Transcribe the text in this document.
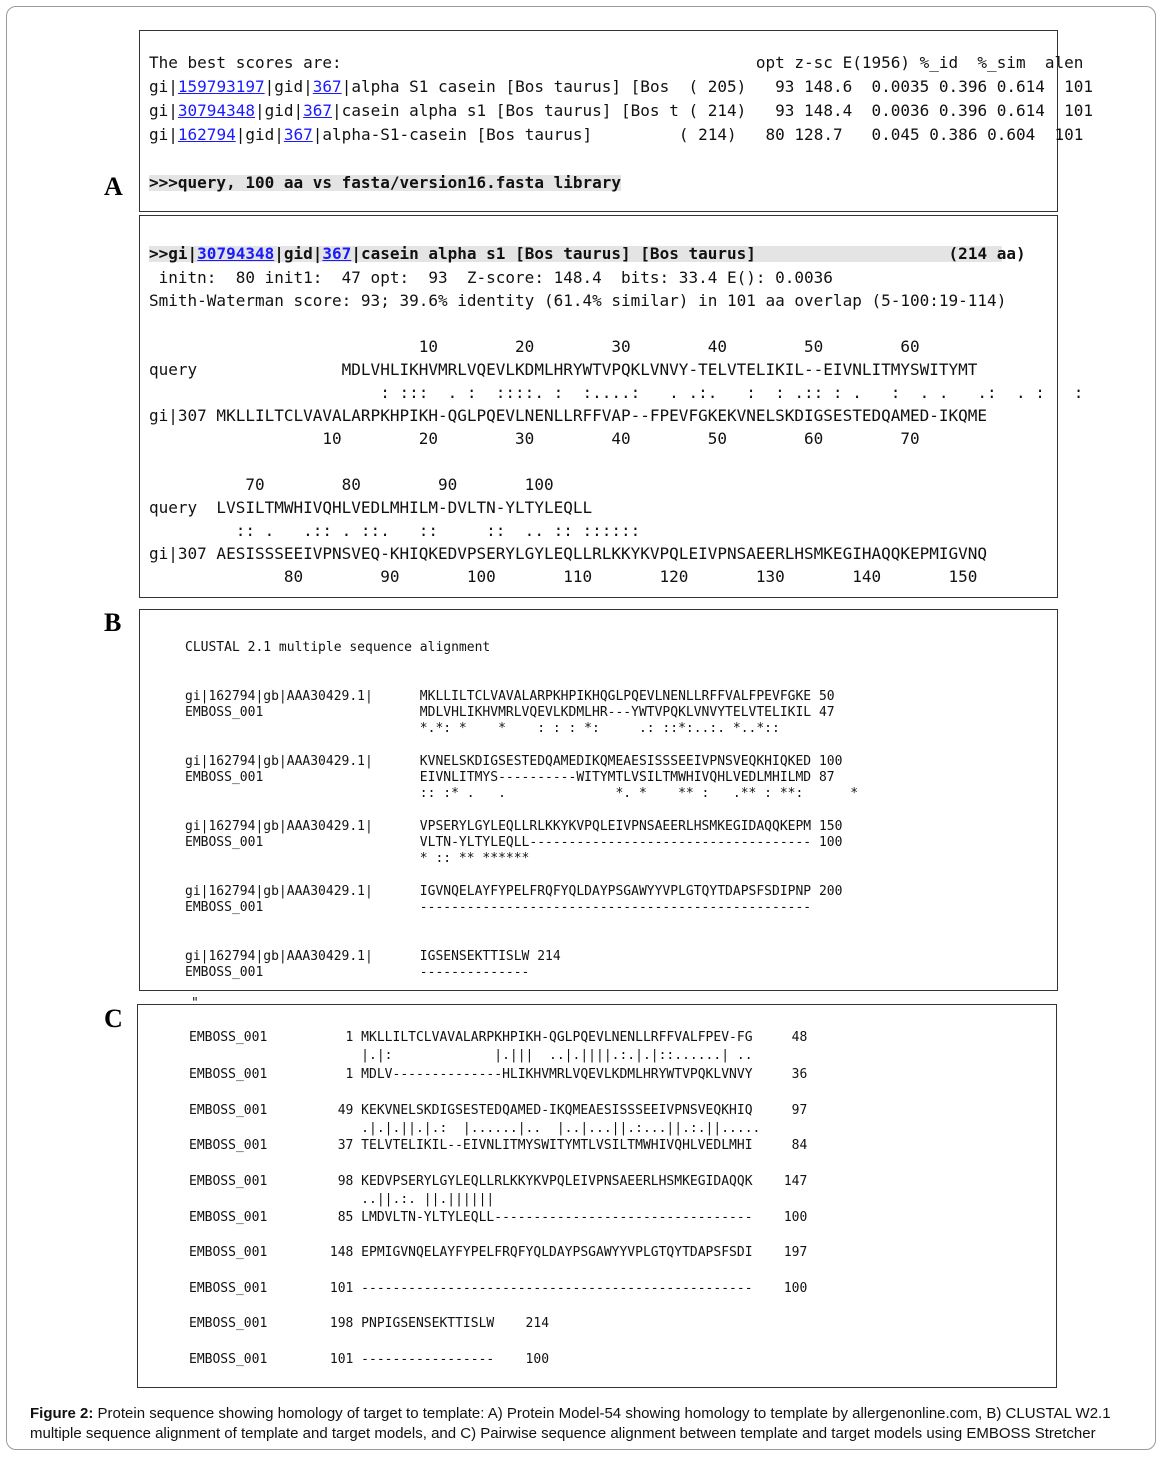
A
B
C
The best scores are:                                           opt z-sc E(1956) %_id  %_sim  alen
gi|159793197|gid|367|alpha S1 casein [Bos taurus] [Bos  ( 205)   93 148.6  0.0035 0.396 0.614  101
gi|30794348|gid|367|casein alpha s1 [Bos taurus] [Bos t ( 214)   93 148.4  0.0036 0.396 0.614  101
gi|162794|gid|367|alpha-S1-casein [Bos taurus]         ( 214)   80 128.7   0.045 0.386 0.604  101
>>>query, 100 aa vs fasta/version16.fasta library
>>gi|30794348|gid|367|casein alpha s1 [Bos taurus] [Bos taurus]                    (214 aa)
initn:  80 init1:  47 opt:  93  Z-score: 148.4  bits: 33.4 E(): 0.0036
Smith-Waterman score: 93; 39.6% identity (61.4% similar) in 101 aa overlap (5-100:19-114)
10        20        30        40        50        60
query               MDLVHLIKHVMRLVQEVLKDMLHRYWTVPQKLVNVY-TELVTELIKIL--EIVNLITMYSWITYMT
: :::  . :  ::::. :  :....:   . .:.   :  : .:: : .   :  . .   .:  . :   :
gi|307 MKLLILTCLVAVALARPKHPIKH-QGLPQEVLNENLLRFFVAP--FPEVFGKEKVNELSKDIGSESTEDQAMED-IKQME
10        20        30        40        50        60        70
70        80        90       100
query  LVSILTMWHIVQHLVEDLMHILM-DVLTN-YLTYLEQLL
:: .   .:: . ::.   ::     ::  .. :: ::::::
gi|307 AESISSSEEIVPNSVEQ-KHIQKEDVPSERYLGYLEQLLRLKKYKVPQLEIVPNSAEERLHSMKEGIHAQQKEPMIGVNQ
80        90       100       110       120       130       140       150
CLUSTAL 2.1 multiple sequence alignment
gi|162794|gb|AAA30429.1|      MKLLILTCLVAVALARPKHPIKHQGLPQEVLNENLLRFFVALFPEVFGKE 50
EMBOSS_001                    MDLVHLIKHVMRLVQEVLKDMLHR---YWTVPQKLVNVYTELVTELIKIL 47
*.*: *    *    : : : *:     .: ::*:..:. *..*::
gi|162794|gb|AAA30429.1|      KVNELSKDIGSESTEDQAMEDIKQMEAESISSSEEIVPNSVEQKHIQKED 100
EMBOSS_001                    EIVNLITMYS----------WITYMTLVSILTMWHIVQHLVEDLMHILMD 87
:: :* .   .              *. *    ** :   .** : **:      *
gi|162794|gb|AAA30429.1|      VPSERYLGYLEQLLRLKKYKVPQLEIVPNSAEERLHSMKEGIDAQQKEPM 150
EMBOSS_001                    VLTN-YLTYLEQLL------------------------------------ 100
* :: ** ******
gi|162794|gb|AAA30429.1|      IGVNQELAYFYPELFRQFYQLDAYPSGAWYYVPLGTQYTDAPSFSDIPNP 200
EMBOSS_001                    --------------------------------------------------
gi|162794|gb|AAA30429.1|      IGSENSEKTTISLW 214
EMBOSS_001                    --------------
"
EMBOSS_001          1 MKLLILTCLVAVALARPKHPIKH-QGLPQEVLNENLLRFFVALFPEV-FG     48
|.|:             |.|||  ..|.||||.:.|.|::......| ..
EMBOSS_001          1 MDLV--------------HLIKHVMRLVQEVLKDMLHRYWTVPQKLVNVY     36
EMBOSS_001         49 KEKVNELSKDIGSESTEDQAMED-IKQMEAESISSSEEIVPNSVEQKHIQ     97
.|.|.||.|.:  |......|..  |..|...||.:...||.:.||.....
EMBOSS_001         37 TELVTELIKIL--EIVNLITMYSWITYMTLVSILTMWHIVQHLVEDLMHI     84
EMBOSS_001         98 KEDVPSERYLGYLEQLLRLKKYKVPQLEIVPNSAEERLHSMKEGIDAQQK    147
..||.:. ||.||||||
EMBOSS_001         85 LMDVLTN-YLTYLEQLL---------------------------------    100
EMBOSS_001        148 EPMIGVNQELAYFYPELFRQFYQLDAYPSGAWYYVPLGTQYTDAPSFSDI    197
EMBOSS_001        101 --------------------------------------------------    100
EMBOSS_001        198 PNPIGSENSEKTTISLW    214
EMBOSS_001        101 -----------------    100
Figure 2: Protein sequence showing homology of target to template: A) Protein Model-54 showing homology to template by allergenonline.com, B) CLUSTAL W2.1 multiple sequence alignment of template and target models, and C) Pairwise sequence alignment between template and target models using EMBOSS Stretcher
